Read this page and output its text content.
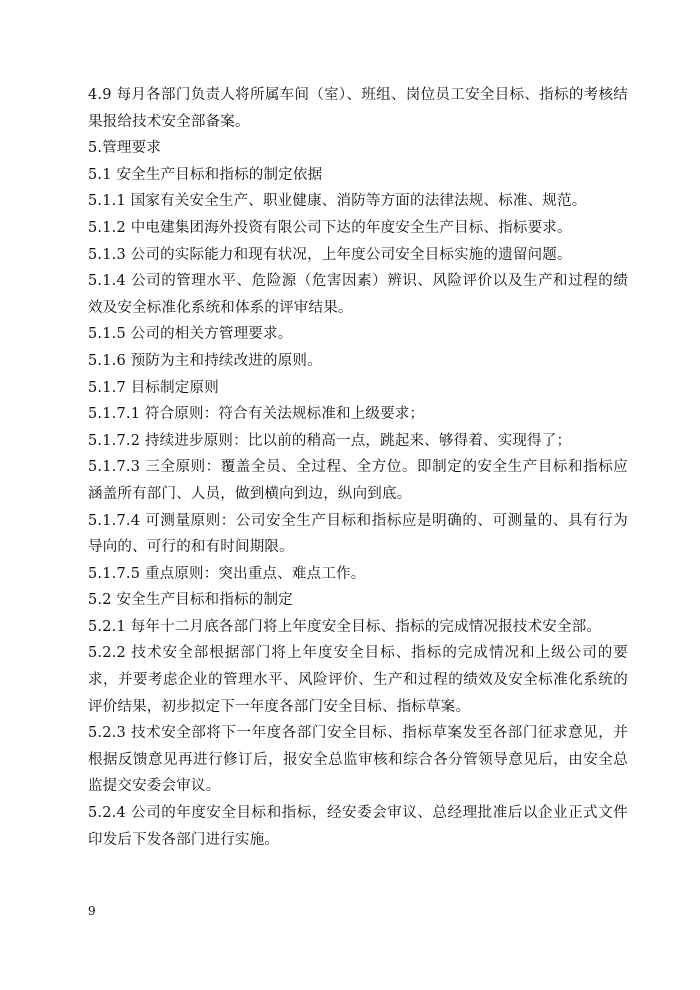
4.9 每月各部门负责人将所属车间（室）、班组、岗位员工安全目标、指标的考核结果报给技术安全部备案。

5.管理要求

5.1 安全生产目标和指标的制定依据

5.1.1 国家有关安全生产、职业健康、消防等方面的法律法规、标准、规范。

5.1.2 中电建集团海外投资有限公司下达的年度安全生产目标、指标要求。

5.1.3 公司的实际能力和现有状况，上年度公司安全目标实施的遗留问题。

5.1.4 公司的管理水平、危险源（危害因素）辨识、风险评价以及生产和过程的绩效及安全标准化系统和体系的评审结果。

5.1.5 公司的相关方管理要求。

5.1.6 预防为主和持续改进的原则。

5.1.7 目标制定原则

5.1.7.1 符合原则：符合有关法规标准和上级要求；

5.1.7.2 持续进步原则：比以前的稍高一点，跳起来、够得着、实现得了；

5.1.7.3 三全原则：覆盖全员、全过程、全方位。即制定的安全生产目标和指标应涵盖所有部门、人员，做到横向到边，纵向到底。

5.1.7.4 可测量原则：公司安全生产目标和指标应是明确的、可测量的、具有行为导向的、可行的和有时间期限。

5.1.7.5 重点原则：突出重点、难点工作。

5.2 安全生产目标和指标的制定

5.2.1 每年十二月底各部门将上年度安全目标、指标的完成情况报技术安全部。

5.2.2 技术安全部根据部门将上年度安全目标、指标的完成情况和上级公司的要求，并要考虑企业的管理水平、风险评价、生产和过程的绩效及安全标准化系统的评价结果，初步拟定下一年度各部门安全目标、指标草案。

5.2.3 技术安全部将下一年度各部门安全目标、指标草案发至各部门征求意见，并根据反馈意见再进行修订后，报安全总监审核和综合各分管领导意见后，由安全总监提交安委会审议。

5.2.4 公司的年度安全目标和指标，经安委会审议、总经理批准后以企业正式文件印发后下发各部门进行实施。

9
